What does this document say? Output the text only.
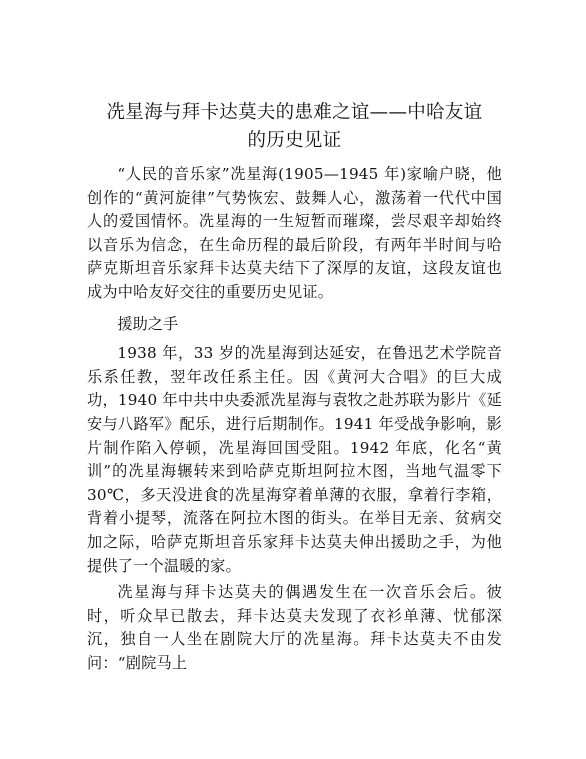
冼星海与拜卡达莫夫的患难之谊——中哈友谊
的历史见证

“人民的音乐家”冼星海(1905—1945 年)家喻户晓，他创作的“黄河旋律”气势恢宏、鼓舞人心，激荡着一代代中国人的爱国情怀。冼星海的一生短暂而璀璨，尝尽艰辛却始终以音乐为信念，在生命历程的最后阶段，有两年半时间与哈萨克斯坦音乐家拜卡达莫夫结下了深厚的友谊，这段友谊也成为中哈友好交往的重要历史见证。

援助之手

1938 年，33 岁的冼星海到达延安，在鲁迅艺术学院音乐系任教，翌年改任系主任。因《黄河大合唱》的巨大成功，1940 年中共中央委派冼星海与袁牧之赴苏联为影片《延安与八路军》配乐，进行后期制作。1941 年受战争影响，影片制作陷入停顿，冼星海回国受阻。1942 年底，化名“黄训”的冼星海辗转来到哈萨克斯坦阿拉木图，当地气温零下 30℃，多天没进食的冼星海穿着单薄的衣服，拿着行李箱，背着小提琴，流落在阿拉木图的街头。在举目无亲、贫病交加之际，哈萨克斯坦音乐家拜卡达莫夫伸出援助之手，为他提供了一个温暖的家。

冼星海与拜卡达莫夫的偶遇发生在一次音乐会后。彼时，听众早已散去，拜卡达莫夫发现了衣衫单薄、忧郁深沉，独自一人坐在剧院大厅的冼星海。拜卡达莫夫不由发问：“剧院马上
